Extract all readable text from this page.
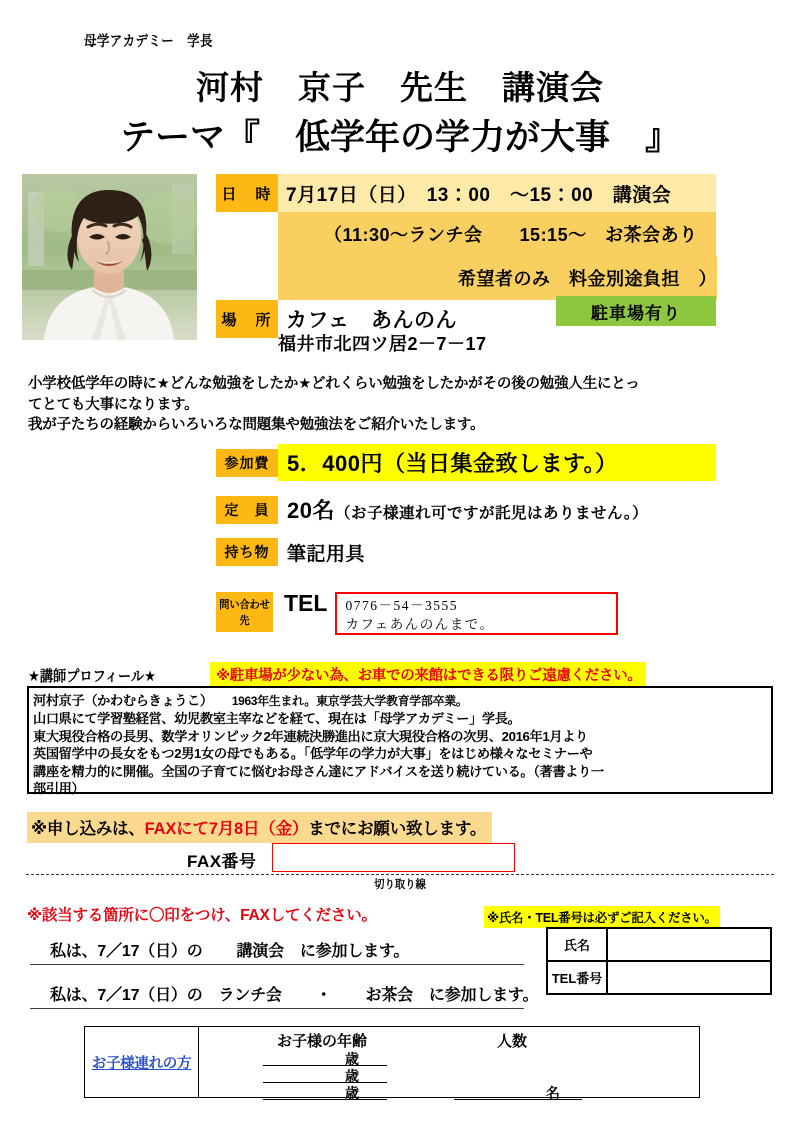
母学アカデミー　学長
河村　京子　先生　講演会
テーマ『　低学年の学力が大事　』
日　時 7月17日（日）　13：00　～15：00　講演会
（11:30～ランチ会　　15:15～　お茶会あり
希望者のみ　料金別途負担　）
場　所 カフェ　あんのん	駐車場有り
福井市北四ツ居2－7－17
小学校低学年の時に★どんな勉強をしたか★どれくらい勉強をしたかがその後の勉強人生にとっ
てとても大事になります。
我が子たちの経験からいろいろな問題集や勉強法をご紹介いたします。
参加費 5．400円（当日集金致します。）
定　員 20名（お子様連れ可ですが託児はありません。）
持ち物 筆記用具
問い合わせ先
TEL	0776－54－3555
カフェあんのんまで。
★講師プロフィール★	※駐車場が少ない為、お車での来館はできる限りご遠慮ください。
河村京子（かわむらきょうこ）　　 1963年生まれ。東京学芸大学教育学部卒業。
山口県にて学習塾経営、幼児教室主宰などを経て、現在は「母学アカデミー」学長。
東大現役合格の長男、数学オリンピック2年連続決勝進出に京大現役合格の次男、2016年1月より
英国留学中の長女をもつ2男1女の母でもある。「低学年の学力が大事」をはじめ様々なセミナーや
講座を精力的に開催。全国の子育てに悩むお母さん達にアドバイスを送り続けている。（著書より一
部引用）
※申し込みは、FAXにて7月8日（金）までにお願い致します。
FAX番号
切り取り線
※該当する箇所に〇印をつけ、FAXしてください。
私は、7／17（日）の 講演会 に参加します。
私は、7／17（日）の ランチ会 ・ お茶会 に参加します。
※氏名・TEL番号は必ずご記入ください。
氏名	
TEL番号	
お子様連れの方
お子様の年齢	人数
歳
歳
歳	名
